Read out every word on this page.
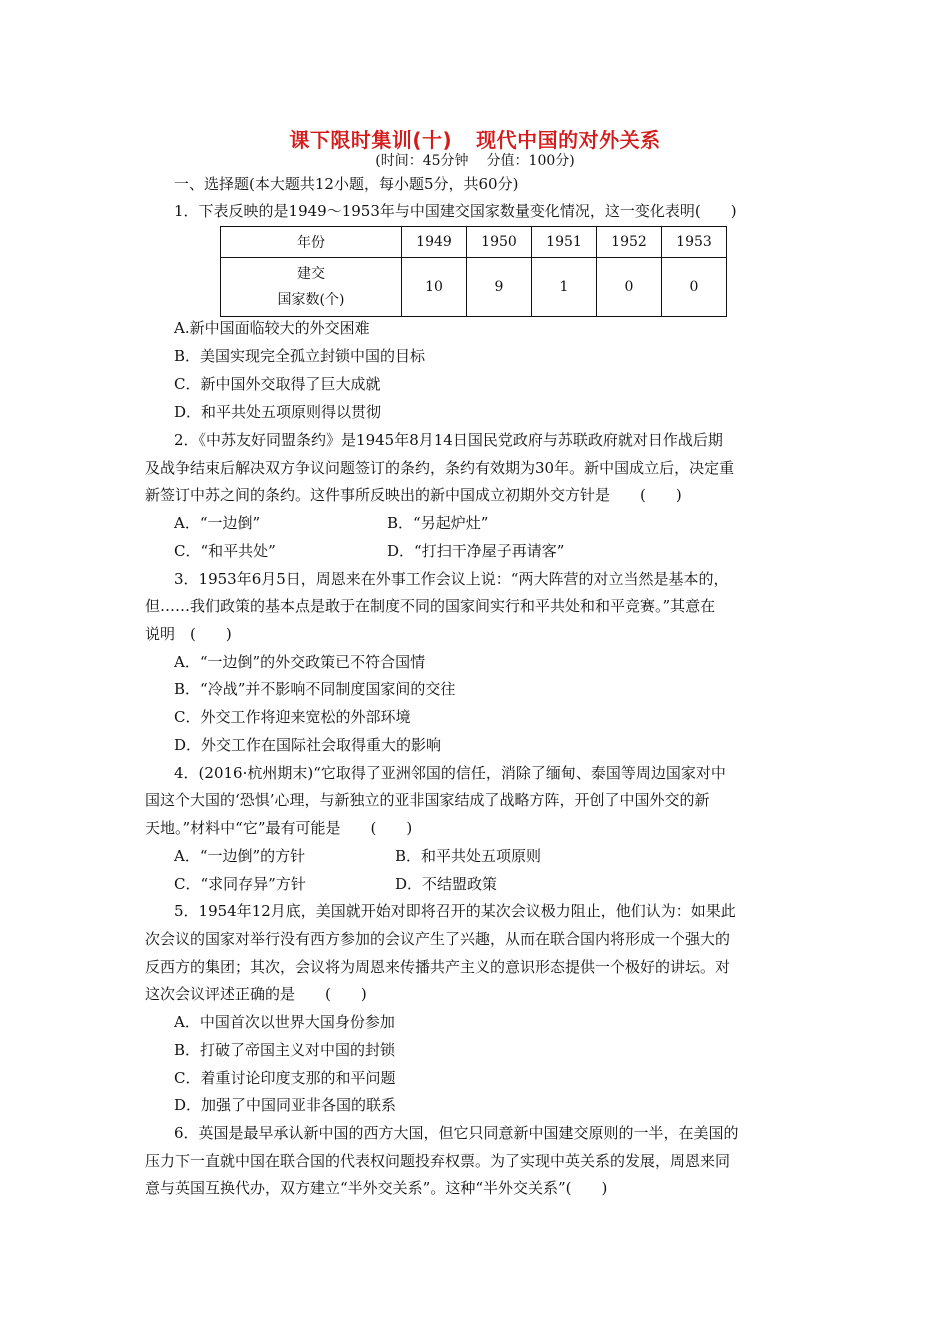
课下限时集训(十) 现代中国的对外关系
(时间：45分钟 分值：100分)
一、选择题(本大题共12小题，每小题5分，共60分)
1．下表反映的是1949～1953年与中国建交国家数量变化情况，这一变化表明(　　)
年份	1949	1950	1951	1952	1953

建交
国家数(个)	10	9	1	0	0
A.新中国面临较大的外交困难
B．美国实现完全孤立封锁中国的目标
C．新中国外交取得了巨大成就
D．和平共处五项原则得以贯彻
2．《中苏友好同盟条约》是1945年8月14日国民党政府与苏联政府就对日作战后期
及战争结束后解决双方争议问题签订的条约，条约有效期为30年。新中国成立后，决定重
新签订中苏之间的条约。这件事所反映出的新中国成立初期外交方针是　　(　　)
A．“一边倒”	B．“另起炉灶”
C．“和平共处”	D．“打扫干净屋子再请客”
3．1953年6月5日，周恩来在外事工作会议上说：“两大阵营的对立当然是基本的，
但……我们政策的基本点是敢于在制度不同的国家间实行和平共处和和平竞赛。”其意在
说明　(　　)
A．“一边倒”的外交政策已不符合国情
B．“冷战”并不影响不同制度国家间的交往
C．外交工作将迎来宽松的外部环境
D．外交工作在国际社会取得重大的影响
4．(2016·杭州期末)“它取得了亚洲邻国的信任，消除了缅甸、泰国等周边国家对中
国这个大国的‘恐惧’心理，与新独立的亚非国家结成了战略方阵，开创了中国外交的新
天地。”材料中“它”最有可能是　　(　　)
A．“一边倒”的方针	B．和平共处五项原则
C．“求同存异”方针	D．不结盟政策
5．1954年12月底，美国就开始对即将召开的某次会议极力阻止，他们认为：如果此
次会议的国家对举行没有西方参加的会议产生了兴趣，从而在联合国内将形成一个强大的
反西方的集团；其次，会议将为周恩来传播共产主义的意识形态提供一个极好的讲坛。对
这次会议评述正确的是　　(　　)
A．中国首次以世界大国身份参加
B．打破了帝国主义对中国的封锁
C．着重讨论印度支那的和平问题
D．加强了中国同亚非各国的联系
6．英国是最早承认新中国的西方大国，但它只同意新中国建交原则的一半，在美国的
压力下一直就中国在联合国的代表权问题投弃权票。为了实现中英关系的发展，周恩来同
意与英国互换代办，双方建立“半外交关系”。这种“半外交关系”(　　)
